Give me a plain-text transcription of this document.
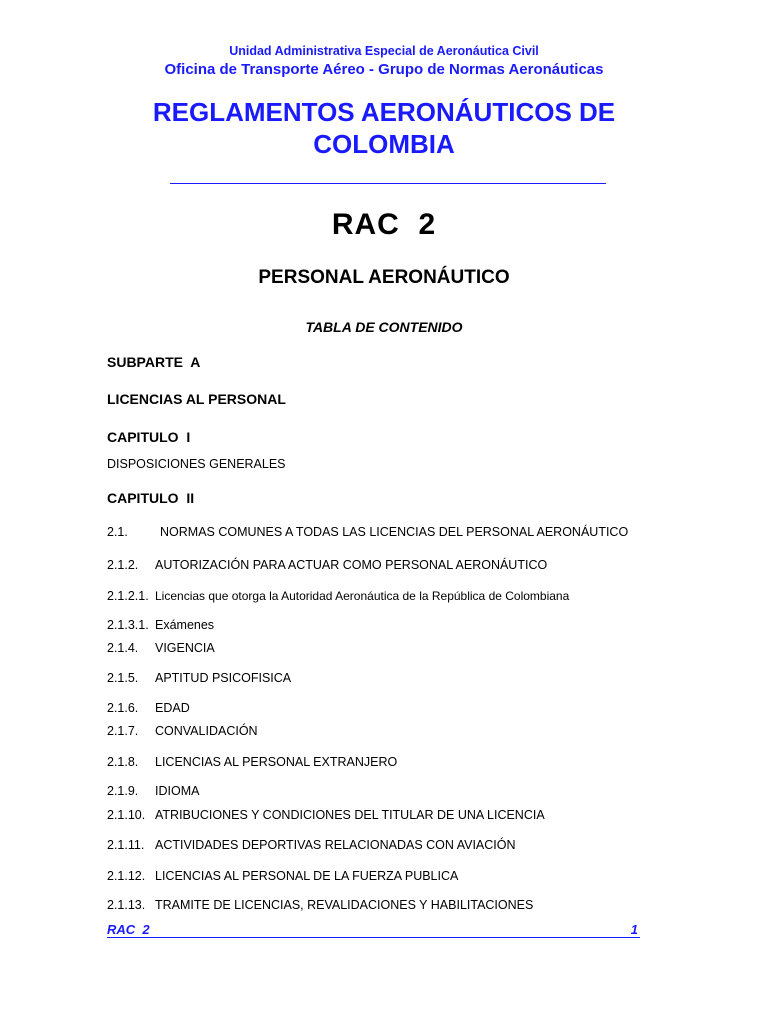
Unidad Administrativa Especial de Aeronáutica Civil
Oficina de Transporte Aéreo - Grupo de Normas Aeronáuticas
REGLAMENTOS AERONÁUTICOS DE
COLOMBIA
RAC  2
PERSONAL AERONÁUTICO
TABLA DE CONTENIDO
SUBPARTE  A
LICENCIAS AL PERSONAL
CAPITULO  I
DISPOSICIONES GENERALES
CAPITULO  II
2.1.	NORMAS COMUNES A TODAS LAS LICENCIAS DEL PERSONAL AERONÁUTICO
2.1.2. AUTORIZACIÓN PARA ACTUAR COMO PERSONAL AERONÁUTICO
2.1.2.1. Licencias que otorga la Autoridad Aeronáutica de la República de Colombiana
2.1.3.1. Exámenes
2.1.4. VIGENCIA
2.1.5. APTITUD PSICOFISICA
2.1.6. EDAD
2.1.7. CONVALIDACIÓN
2.1.8. LICENCIAS AL PERSONAL EXTRANJERO
2.1.9. IDIOMA
2.1.10. ATRIBUCIONES Y CONDICIONES DEL TITULAR DE UNA LICENCIA
2.1.11. ACTIVIDADES DEPORTIVAS RELACIONADAS CON AVIACIÓN
2.1.12. LICENCIAS AL PERSONAL DE LA FUERZA PUBLICA
2.1.13. TRAMITE DE LICENCIAS, REVALIDACIONES Y HABILITACIONES
RAC  2	1
